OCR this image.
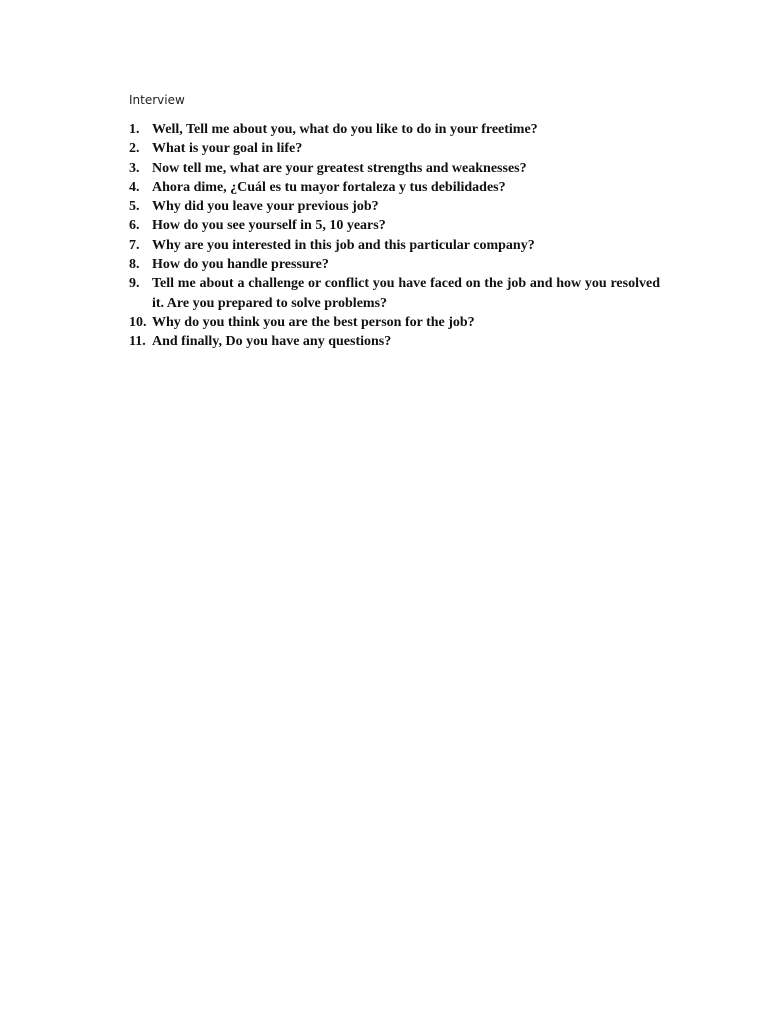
Interview
1. Well, Tell me about you, what do you like to do in your freetime?
2. What is your goal in life?
3. Now tell me, what are your greatest strengths and weaknesses?
4. Ahora dime, ¿Cuál es tu mayor fortaleza y tus debilidades?
5. Why did you leave your previous job?
6. How do you see yourself in 5, 10 years?
7. Why are you interested in this job and this particular company?
8. How do you handle pressure?
9. Tell me about a challenge or conflict you have faced on the job and how you resolved it. Are you prepared to solve problems?
10. Why do you think you are the best person for the job?
11. And finally, Do you have any questions?
